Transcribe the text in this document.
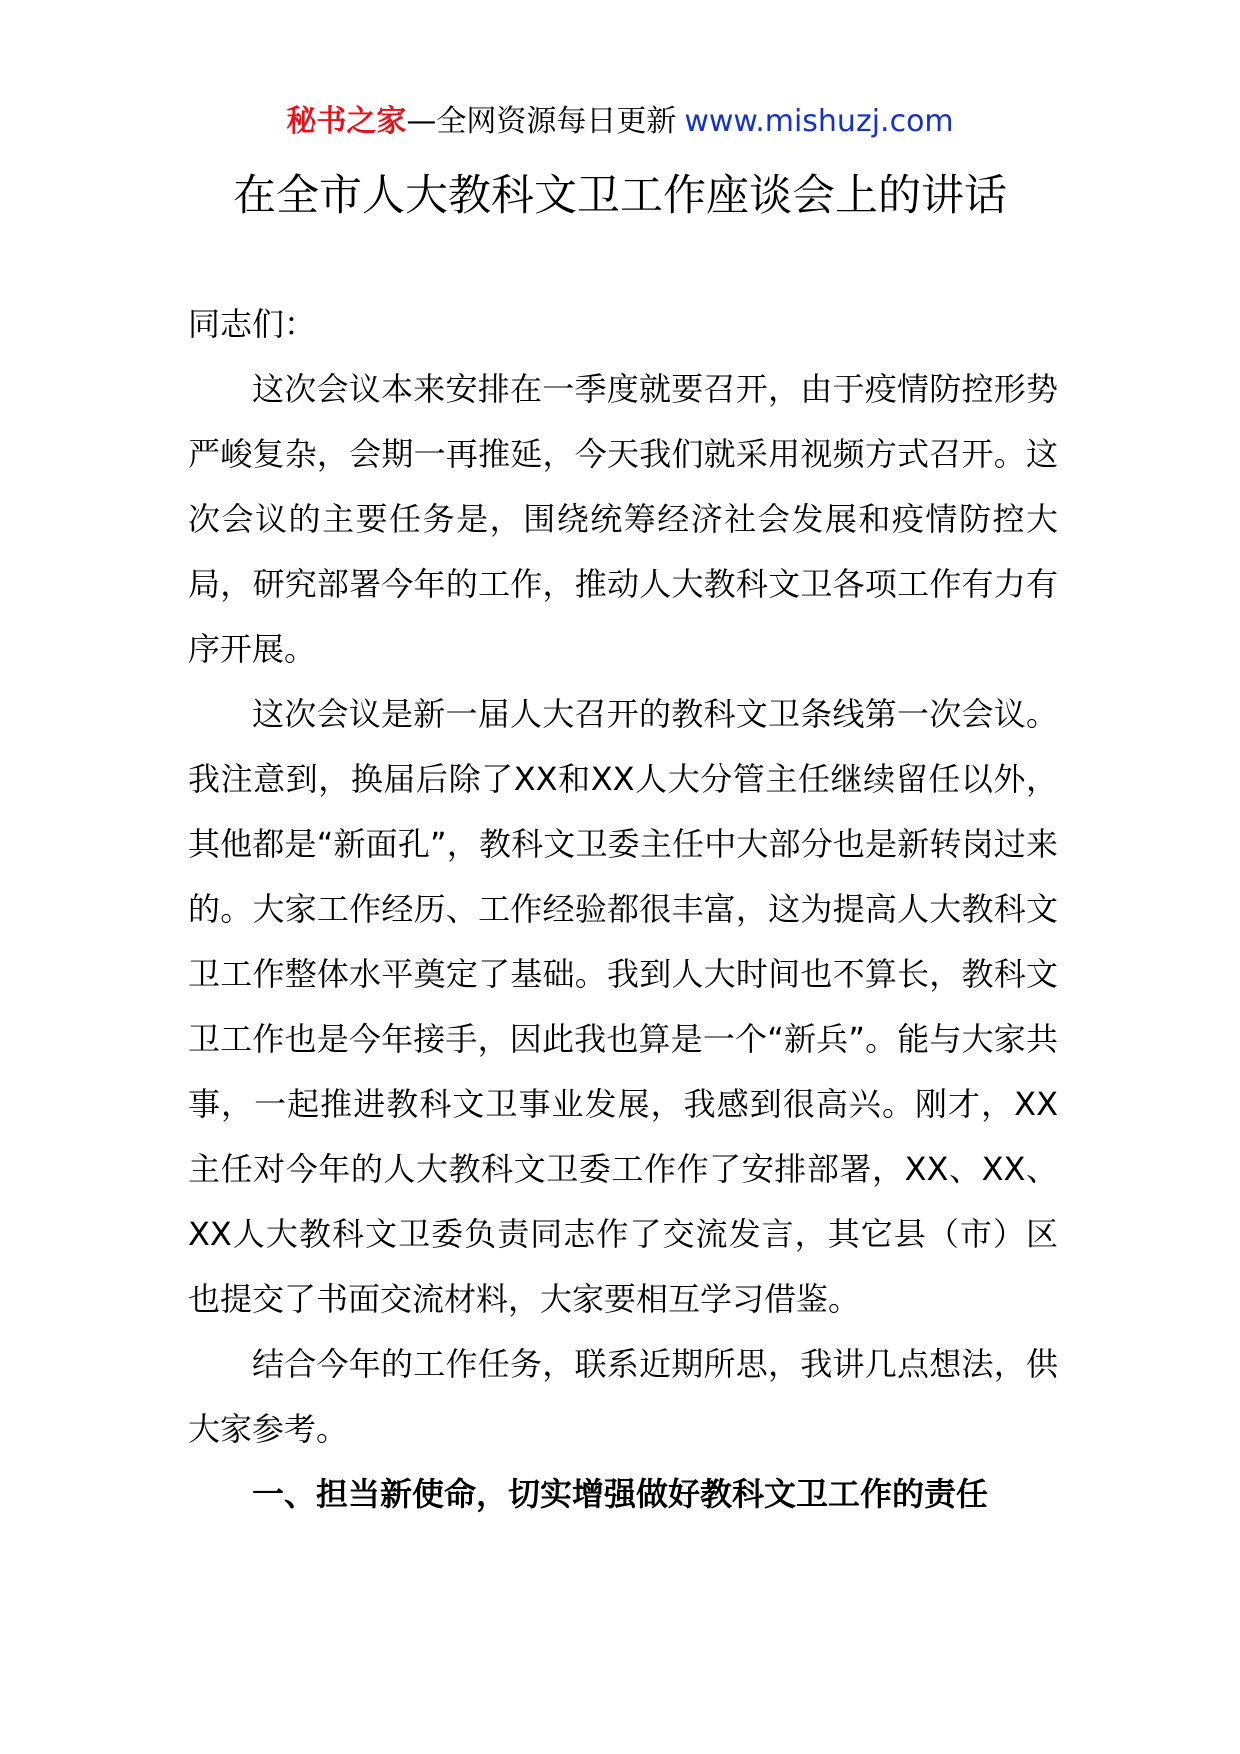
秘书之家—全网资源每日更新 www.mishuzj.com
在全市人大教科文卫工作座谈会上的讲话

同志们：

这次会议本来安排在一季度就要召开，由于疫情防控形势严峻复杂，会期一再推延，今天我们就采用视频方式召开。这次会议的主要任务是，围绕统筹经济社会发展和疫情防控大局，研究部署今年的工作，推动人大教科文卫各项工作有力有序开展。

这次会议是新一届人大召开的教科文卫条线第一次会议。我注意到，换届后除了XX和XX人大分管主任继续留任以外，其他都是“新面孔”，教科文卫委主任中大部分也是新转岗过来的。大家工作经历、工作经验都很丰富，这为提高人大教科文卫工作整体水平奠定了基础。我到人大时间也不算长，教科文卫工作也是今年接手，因此我也算是一个“新兵”。能与大家共事，一起推进教科文卫事业发展，我感到很高兴。刚才，XX主任对今年的人大教科文卫委工作作了安排部署，XX、XX、XX人大教科文卫委负责同志作了交流发言，其它县（市）区也提交了书面交流材料，大家要相互学习借鉴。

结合今年的工作任务，联系近期所思，我讲几点想法，供大家参考。

一、担当新使命，切实增强做好教科文卫工作的责任
